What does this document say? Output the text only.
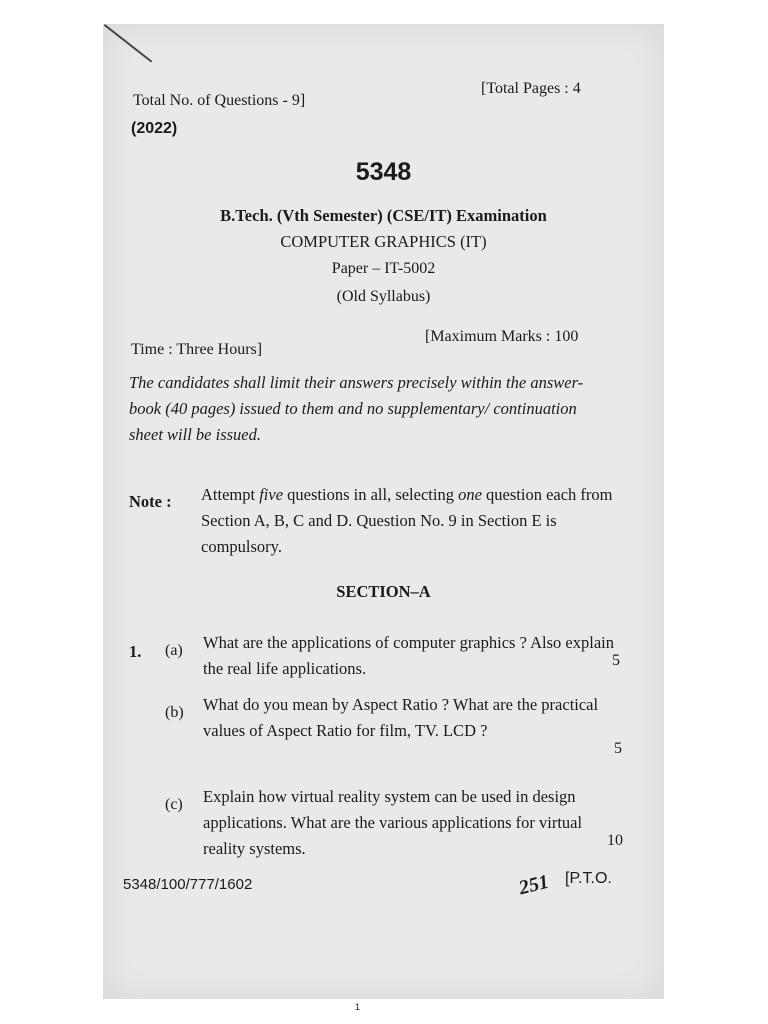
Total No. of Questions - 9]
[Total Pages : 4
(2022)
5348
B.Tech. (Vth Semester) (CSE/IT) Examination
COMPUTER GRAPHICS (IT)
Paper – IT-5002
(Old Syllabus)
Time : Three Hours]
[Maximum Marks : 100
The candidates shall limit their answers precisely within the answer-book (40 pages) issued to them and no supplementary/ continuation sheet will be issued.
Note : Attempt five questions in all, selecting one question each from Section A, B, C and D. Question No. 9 in Section E is compulsory.
SECTION–A
1. (a) What are the applications of computer graphics ? Also explain the real life applications.	5
(b) What do you mean by Aspect Ratio ? What are the practical values of Aspect Ratio for film, TV. LCD ?
5
(c) Explain how virtual reality system can be used in design applications. What are the various applications for virtual reality systems.	10
5348/100/777/1602	251 [P.T.O.
1
